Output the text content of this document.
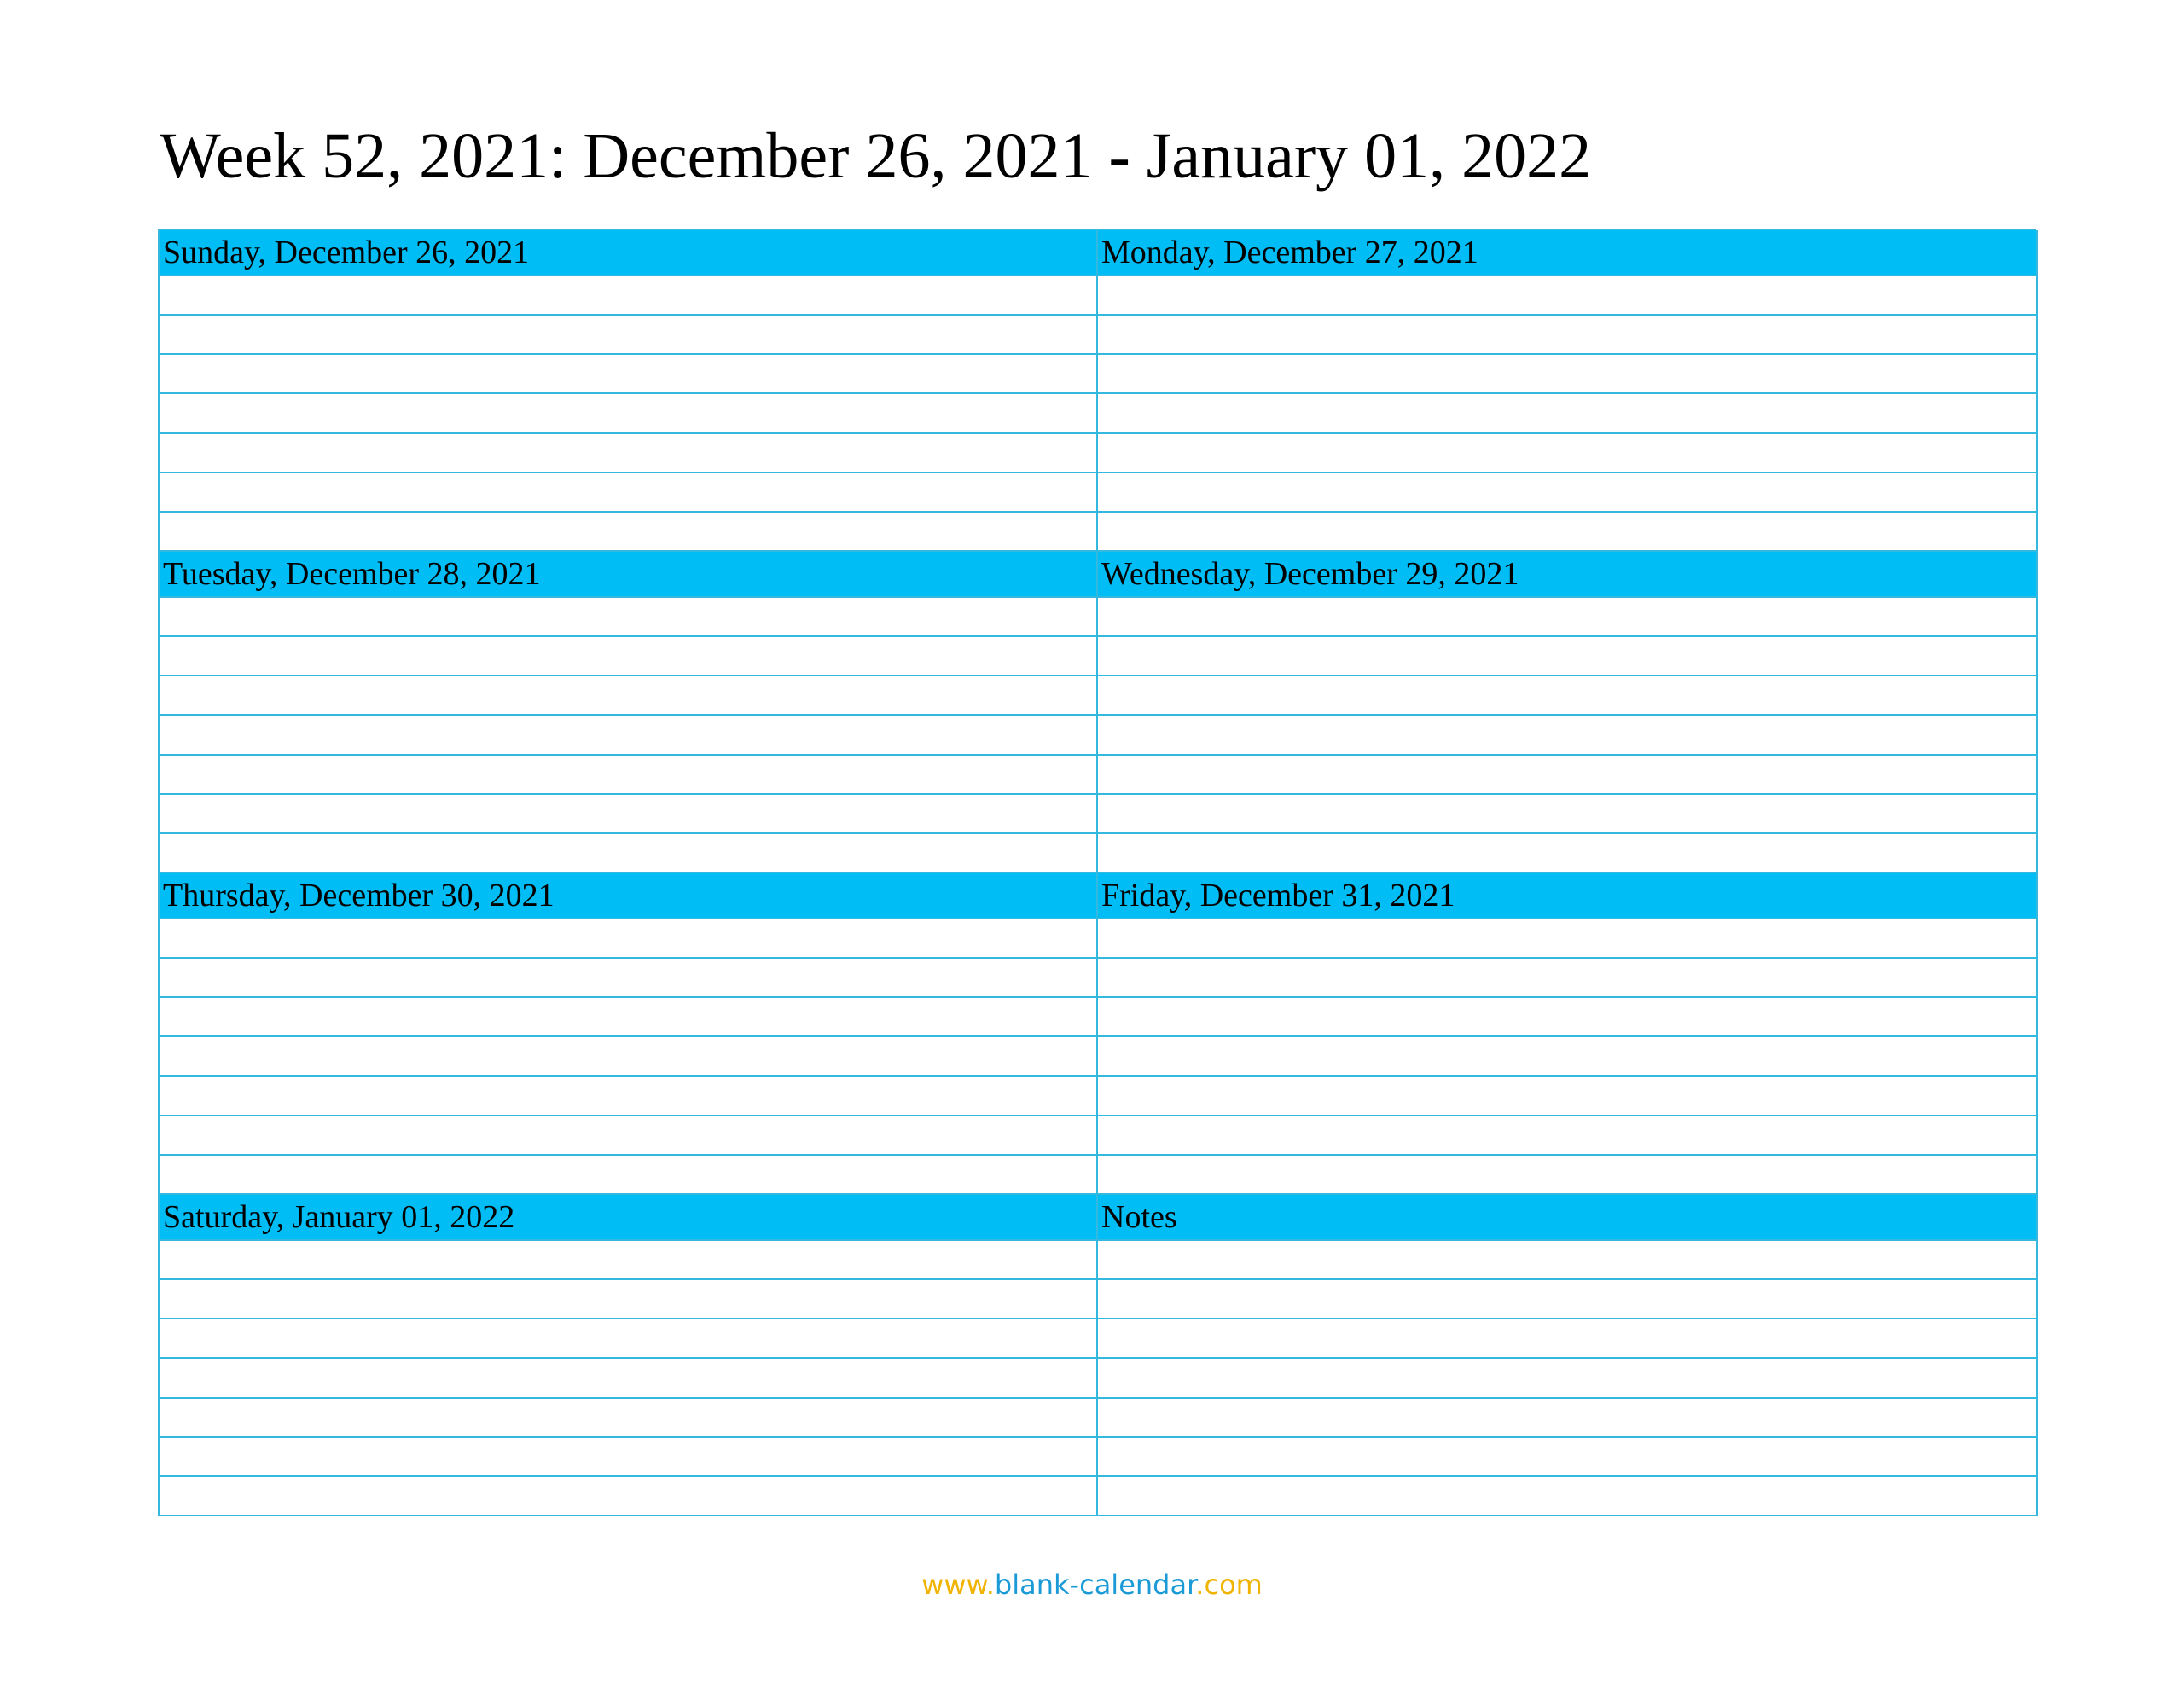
Week 52, 2021: December 26, 2021 - January 01, 2022
Sunday, December 26, 2021	Monday, December 27, 2021
Tuesday, December 28, 2021	Wednesday, December 29, 2021
Thursday, December 30, 2021	Friday, December 31, 2021
Saturday, January 01, 2022	Notes
www.blank-calendar.com
